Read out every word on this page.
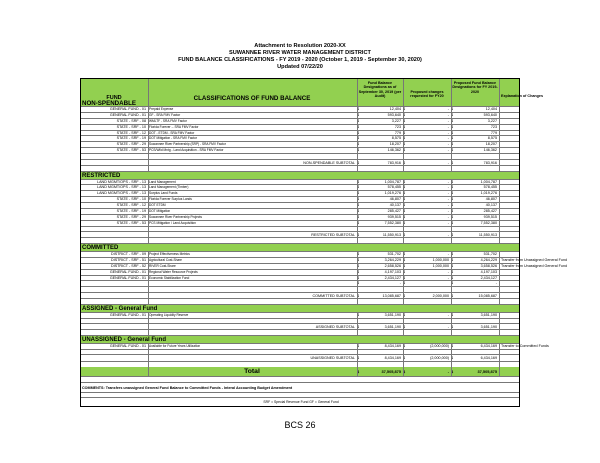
Attachment to Resolution 2020-XX
SUWANNEE RIVER WATER MANAGEMENT DISTRICT
FUND BALANCE CLASSIFICATIONS - FY 2019 - 2020 (October 1, 2019 - September 30, 2020)
Updated 07/22/20
NON-SPENDABLE
FUND	CLASSIFICATIONS OF FUND BALANCE
Fund Balance Designations as of September 30, 2019 (per Audit)
Proposed changes requested for FY20
Proposed Fund Balance Designations for FY 2019-2020
Explanation of Changes
GENERAL FUND - 01 Prepaid Expense	$	12,404 $	- $	12,404
GENERAL FUND - 01 GF - SRA FMV Factor	$	593,640 $	- $	593,640
STATE - SRF - 08 WMLTF - SRA FMV Factor	$	3,227 $	- $	3,227
STATE - SRF - 10 Florida Forever -- SRA FMV Factor	$	723 $	- $	723
STATE - SRF - 12 DOT - ETDM - SRA FMV Factor	$	779 $	- $	779
STATE - SRF - 19 DOT Mitigation - SRA FMV Factor	$	8,575 $	- $	8,575
STATE - SRF - 29 Suwannee River Partnership (SRP) - SRA FMV Factor	$	18,207 $	- $	18,207
STATE - SRF - 53 PCS/Wild Mntg - Land Acquisition - SRA FMV Factor	$	146,362 $	- $	146,362
NON-SPENDABLE SUBTOTAL $	783,916 $	- $	783,916
RESTRICTED
LAND MGMT/OPS - SRF - 13 Land Management	$	1,004,787 $	- $	1,004,787
LAND MGMT/OPS - SRF - 13 Land Management (Timber)	$	578,455 $	- $	578,455
LAND MGMT/OPS - SRF - 13 Surplus Land Funds	$	1,019,276 $	- $	1,019,276
STATE - SRF - 10 Florida Forever Surplus Lands	$	46,807 $	- $	46,807
STATE - SRF - 12 DOT ETDM	$	40,137 $	- $	40,137
STATE - SRF - 19 DOT Mitigation	$	285,427 $	- $	285,427
STATE - SRF - 29 Suwannee River Partnership Projects	$	939,515 $	- $	939,515
STATE - SRF - 53 PCS Mitigation / Land Acquisition	$	7,552,380 $	- $	7,552,380
RESTRICTED SUBTOTAL $	11,550,913 $	- $	11,550,913
COMMITTED
DISTRICT - SRF - 09 Project Effectiveness Metrics	$	531,702 $	- $	531,702
DISTRICT - SRF - 51 Agricultural Cost-Share	$	3,264,229 $	1,000,000 $	4,264,229 Transfer from Unassigned General Fund
DISTRICT - SRF - 52 RIVER Cost-Share	$	2,658,526 $	1,000,000 $	3,658,526 Transfer from Unassigned General Fund
GENERAL FUND - 01 Regional Water Resource Projects	$	4,197,103 $	- $	4,197,103
GENERAL FUND - 01 Economic Stabilization Fund	$	2,434,127 $	- $	2,434,127
$	- $	$	-
COMMITTED SUBTOTAL $	13,085,687 $	2,000,000 $	15,085,687
ASSIGNED - General Fund
GENERAL FUND - 01 Operating Liquidity Reserve	$	3,651,190 $	- $	3,651,190
ASSIGNED SUBTOTAL $	3,651,190 $	- $	3,651,190
UNASSIGNED - General Fund
GENERAL FUND - 01 Available for Future Years Utilization	$	8,434,169 $	(2,000,000) $	6,434,169 Transfer to Committed Funds
UNASSIGNED SUBTOTAL $	8,434,169 $	(2,000,000) $	6,434,169
Total	$	37,505,875 $	- $	37,505,875
COMMENTS: Transfers unassigned General Fund Balance to Committed Funds - Interal Accounting Budget Amendment
SRF = Special Revenue Fund GF = General Fund
BCS 26
